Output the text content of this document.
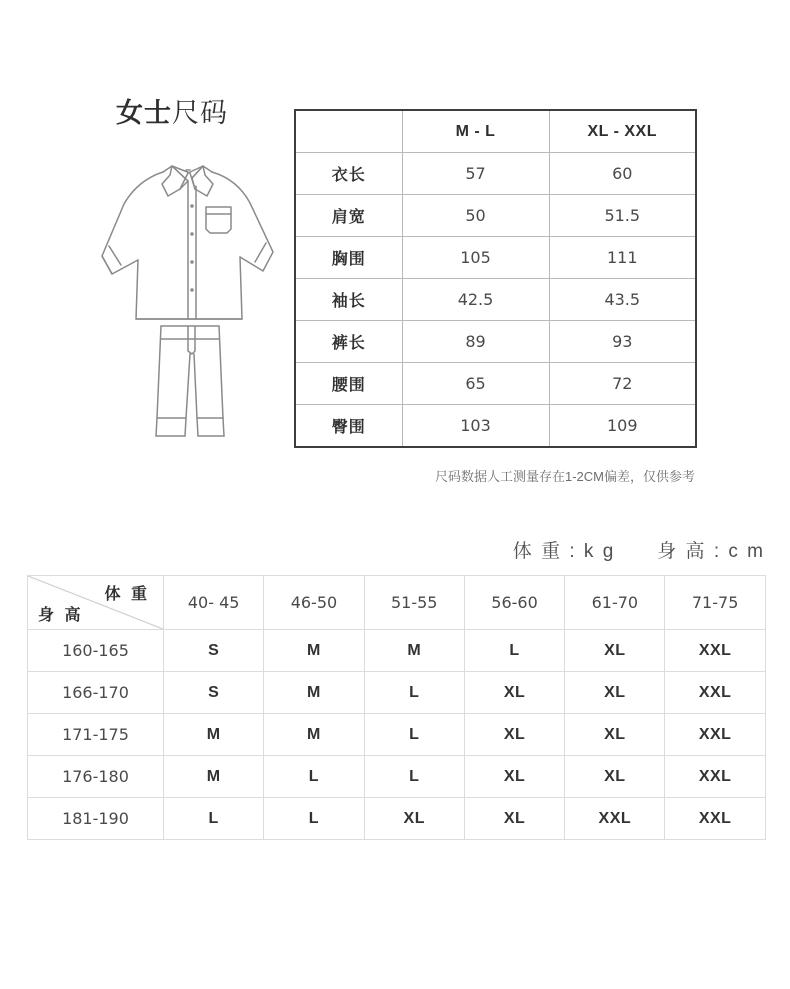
女士尺码
	M - L	XL - XXL
衣长	57	60
肩宽	50	51.5
胸围	105	111
袖长	42.5	43.5
裤长	89	93
腰围	65	72
臀围	103	109
尺码数据人工测量存在1-2CM偏差，仅供参考
体 重 : k g 身 高 : c m
体 重
身 高	40- 45	46-50	51-55	56-60	61-70	71-75
160-165	S	M	M	L	XL	XXL
166-170	S	M	L	XL	XL	XXL
171-175	M	M	L	XL	XL	XXL
176-180	M	L	L	XL	XL	XXL
181-190	L	L	XL	XL	XXL	XXL
